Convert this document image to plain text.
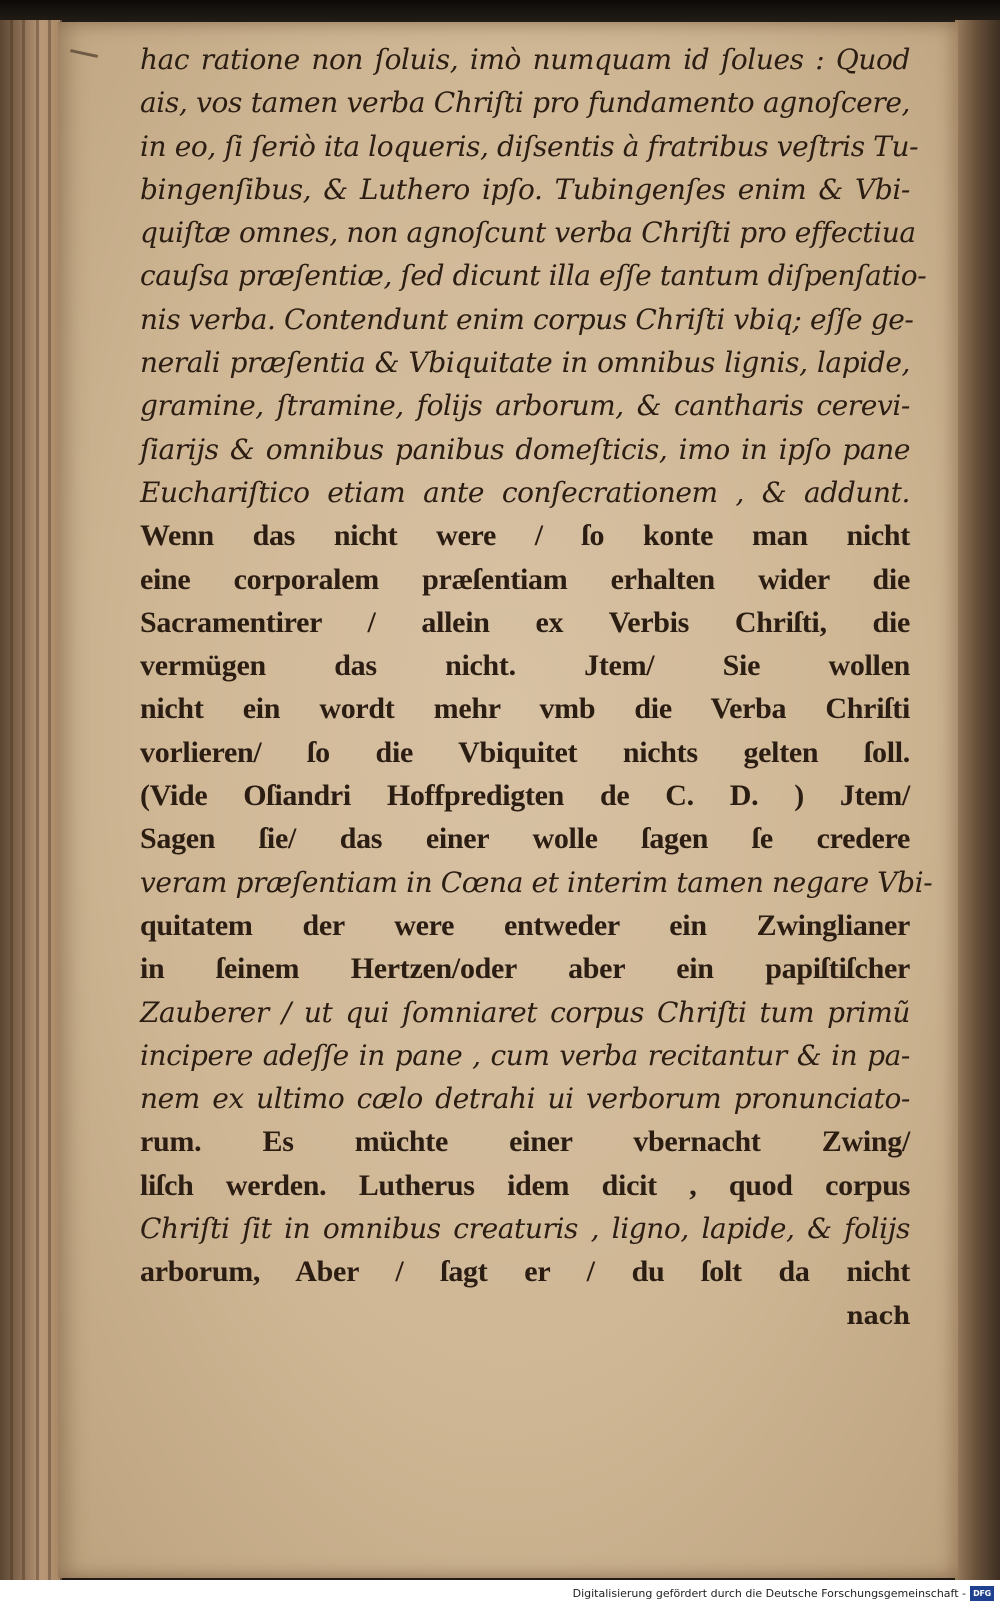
hac ratione non ſoluis, imò numquam id ſolues : Quod

ais, vos tamen verba Chriſti pro fundamento agnoſcere,

in eo, ſi ſeriò ita loqueris, diſsentis à fratribus veſtris Tu-

bingenſibus, & Luthero ipſo. Tubingenſes enim & Vbi-

quiſtæ omnes, non agnoſcunt verba Chriſti pro effectiua

cauſsa præſentiæ, ſed dicunt illa eſſe tantum diſpenſatio-

nis verba. Contendunt enim corpus Chriſti vbiq; eſſe ge-

nerali præſentia & Vbiquitate in omnibus lignis, lapide,

gramine, ſtramine, folijs arborum, & cantharis cerevi-

ſiarijs & omnibus panibus domeſticis, imo in ipſo pane

Euchariſtico etiam ante conſecrationem , & addunt.

Wenn das nicht were / ſo konte man nicht

eine corporalem præſentiam erhalten wider die

Sacramentirer / allein ex Verbis Chriſti, die

vermügen das nicht. Jtem/ Sie wollen

nicht ein wordt mehr vmb die Verba Chriſti

vorlieren/ ſo die Vbiquitet nichts gelten ſoll.

(Vide Oſiandri Hoffpredigten de C. D. ) Jtem/

Sagen ſie/ das einer wolle ſagen ſe credere

veram præſentiam in Cœna et interim tamen negare Vbi-

quitatem der were entweder ein Zwinglianer

in ſeinem Hertzen/oder aber ein papiſtiſcher

Zauberer / ut qui ſomniaret corpus Chriſti tum primũ

incipere adeſſe in pane , cum verba recitantur & in pa-

nem ex ultimo cælo detrahi ui verborum pronunciato-

rum. Es müchte einer vbernacht Zwing/

liſch werden. Lutherus idem dicit , quod corpus

Chriſti ſit in omnibus creaturis , ligno, lapide, & folijs

arborum, Aber / ſagt er / du ſolt da nicht

nach

Digitalisierung gefördert durch die Deutsche Forschungsgemeinschaft - DFG
